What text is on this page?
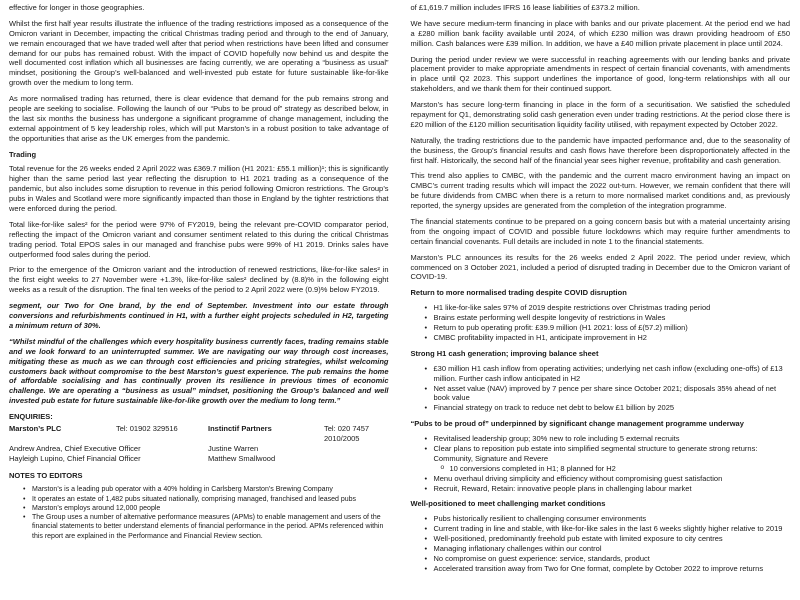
effective for longer in those geographies.

Whilst the first half year results illustrate the influence of the trading restrictions imposed as a consequence of the Omicron variant in December, impacting the critical Christmas trading period and through to the end of January, we remain encouraged that we have traded well after that period when restrictions have been lifted and consumer demand for our pubs has remained robust. With the impact of COVID hopefully now behind us and despite the well documented cost inflation which all businesses are facing currently, we are operating a “business as usual” mindset, positioning the Group’s well-balanced and well-invested pub estate for future sustainable like-for-like growth over the medium to long term.

As more normalised trading has returned, there is clear evidence that demand for the pub remains strong and people are seeking to socialise. Following the launch of our “Pubs to be proud of” strategy as described below, in the last six months the business has undergone a significant programme of change management, including the external appointment of 5 key leadership roles, which will put Marston’s in a robust position to take advantage of the opportunities that arise as the UK emerges from the pandemic.

Trading

Total revenue for the 26 weeks ended 2 April 2022 was £369.7 million (H1 2021: £55.1 million)¹; this is significantly higher than the same period last year reflecting the disruption to H1 2021 trading as a consequence of the pandemic, but also includes some disruption to revenue in this period following Omicron restrictions. The Group’s pubs in Wales and Scotland were more significantly impacted than those in England by the tighter restrictions that were enforced during the period.

Total like-for-like sales² for the period were 97% of FY2019, being the relevant pre-COVID comparator period, reflecting the impact of the Omicron variant and consumer sentiment related to this during the critical Christmas trading period. Total EPOS sales in our managed and franchise pubs were 99% of H1 2019. Drinks sales have outperformed food sales during the period.

Prior to the emergence of the Omicron variant and the introduction of renewed restrictions, like-for-like sales² in the first eight weeks to 27 November were +1.3%, like-for-like sales² declined by (8.8)% in the following eight weeks as a result of the disruption. The final ten weeks of the period to 2 April 2022 were (0.9)% below FY2019.

segment, our Two for One brand, by the end of September. Investment into our estate through conversions and refurbishments continued in H1, with a further eight projects scheduled in H2, targeting a minimum return of 30%.

“Whilst mindful of the challenges which every hospitality business currently faces, trading remains stable and we look forward to an uninterrupted summer. We are navigating our way through cost increases, mitigating these as much as we can through cost efficiencies and pricing strategies, whilst welcoming customers back without compromise to the best Marston’s guest experience. The pub remains the home of affordable socialising and has continually proven its resilience in previous times of economic challenge. We are operating a “business as usual” mindset, positioning the Group’s balanced and well invested pub estate for future sustainable like-for-like growth over the medium to long term.”

ENQUIRIES:
Marston’s PLC	Tel: 01902 329516	Instinctif Partners	Tel: 020 7457 2010/2005
Andrew Andrea, Chief Executive Officer	Justine Warren
Hayleigh Lupino, Chief Financial Officer	Matthew Smallwood

NOTES TO EDITORS

• Marston’s is a leading pub operator with a 40% holding in Carlsberg Marston’s Brewing Company
• It operates an estate of 1,482 pubs situated nationally, comprising managed, franchised and leased pubs
• Marston’s employs around 12,000 people
• The Group uses a number of alternative performance measures (APMs) to enable management and users of the financial statements to better understand elements of financial performance in the period. APMs referenced within this report are explained in the Performance and Financial Review section.

of £1,619.7 million includes IFRS 16 lease liabilities of £373.2 million.

We have secure medium-term financing in place with banks and our private placement. At the period end we had a £280 million bank facility available until 2024, of which £230 million was drawn providing headroom of £50 million. Cash balances were £39 million. In addition, we have a £40 million private placement in place until 2024.

During the period under review we were successful in reaching agreements with our lending banks and private placement provider to make appropriate amendments in respect of certain financial covenants, with amendments in place until Q2 2023. This support underlines the importance of good, long-term relationships with all our stakeholders, and we thank them for their continued support.

Marston’s has secure long-term financing in place in the form of a securitisation. We satisfied the scheduled repayment for Q1, demonstrating solid cash generation even under trading restrictions. At the period close there is £20 million of the £120 million securitisation liquidity facility utilised, with repayment expected by October 2022.

Naturally, the trading restrictions due to the pandemic have impacted performance and, due to the seasonality of the business, the Group’s financial results and cash flows have therefore been disproportionately affected in the first half. Historically, the second half of the financial year sees higher revenue, profitability and cash generation.

This trend also applies to CMBC, with the pandemic and the current macro environment having an impact on CMBC’s current trading results which will impact the 2022 out-turn. However, we remain confident that there will be future dividends from CMBC when there is a return to more normalised market conditions and, as previously reported, the synergy upsides are generated from the completion of the integration programme.

The financial statements continue to be prepared on a going concern basis but with a material uncertainty arising from the ongoing impact of COVID and possible future lockdowns which may require further amendments to certain financial covenants. Full details are included in note 1 to the financial statements.

Marston’s PLC announces its results for the 26 weeks ended 2 April 2022. The period under review, which commenced on 3 October 2021, included a period of disrupted trading in December due to the Omicron variant of COVID-19.

Return to more normalised trading despite COVID disruption

• H1 like-for-like sales 97% of 2019 despite restrictions over Christmas trading period
• Brains estate performing well despite longevity of restrictions in Wales
• Return to pub operating profit: £39.9 million (H1 2021: loss of £(57.2) million)
• CMBC profitability impacted in H1, anticipate improvement in H2

Strong H1 cash generation; improving balance sheet

• £30 million H1 cash inflow from operating activities; underlying net cash inflow (excluding one-offs) of £13 million. Further cash inflow anticipated in H2
• Net asset value (NAV) improved by 7 pence per share since October 2021; disposals 35% ahead of net book value
• Financial strategy on track to reduce net debt to below £1 billion by 2025

“Pubs to be proud of” underpinned by significant change management programme underway

• Revitalised leadership group; 30% new to role including 5 external recruits
• Clear plans to reposition pub estate into simplified segmental structure to generate strong returns: Community, Signature and Revere
o 10 conversions completed in H1; 8 planned for H2
• Menu overhaul driving simplicity and efficiency without compromising guest satisfaction
• Recruit, Reward, Retain: innovative people plans in challenging labour market

Well-positioned to meet challenging market conditions

• Pubs historically resilient to challenging consumer environments
• Current trading in line and stable, with like-for-like sales in the last 6 weeks slightly higher relative to 2019
• Well-positioned, predominantly freehold pub estate with limited exposure to city centres
• Managing inflationary challenges within our control
• No compromise on guest experience: service, standards, product
• Accelerated transition away from Two for One format, complete by October 2022 to improve returns
